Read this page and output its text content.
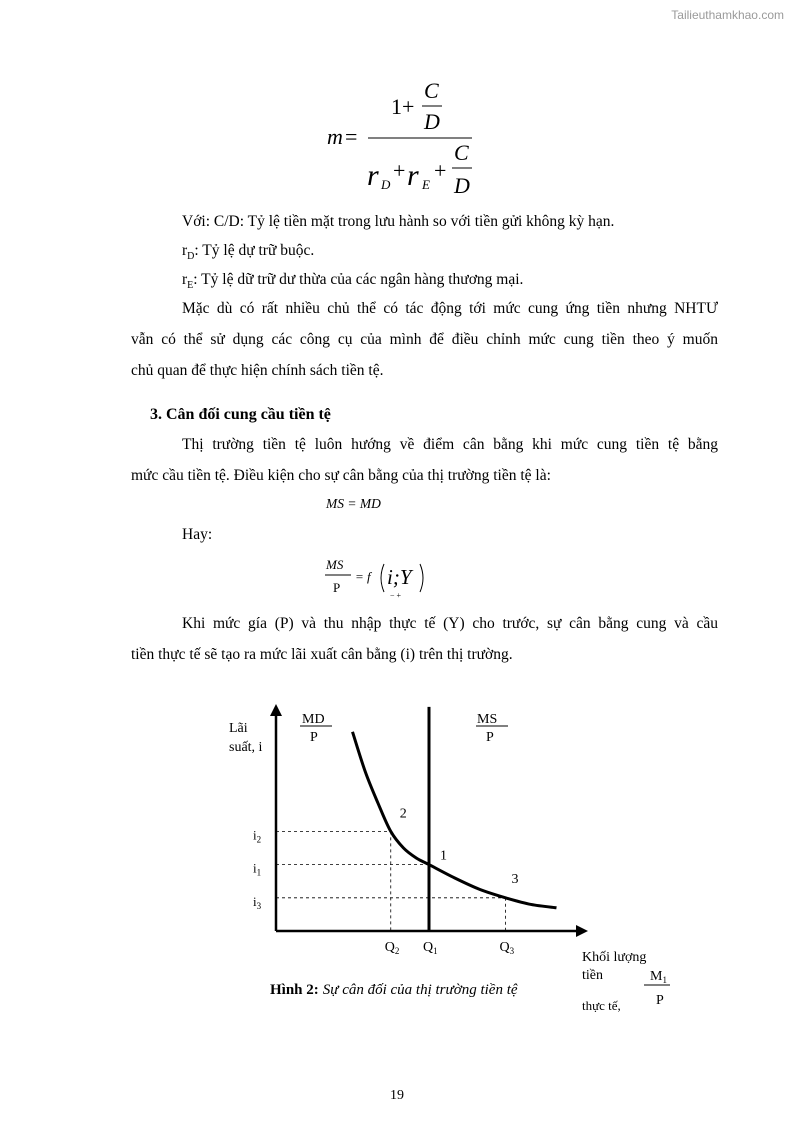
Tailieuthamkhao.com
m =
1+
C
D
r D
+ r E
+
C
D
Với: C/D: Tỷ lệ tiền mặt trong lưu hành so với tiền gửi không kỳ hạn.
$r_D$: Tỷ lệ dự trữ buộc.
$r_E$: Tỷ lệ dữ trữ dư thừa của các ngân hàng thương mại.
Mặc dù có rất nhiều chủ thể có tác động tới mức cung ứng tiền nhưng NHTƯ
vẫn có thể sử dụng các công cụ của mình để điều chỉnh mức cung tiền theo ý muốn
chủ quan để thực hiện chính sách tiền tệ.
3. Cân đối cung cầu tiền tệ
Thị trường tiền tệ luôn hướng về điểm cân bằng khi mức cung tiền tệ bằng
mức cầu tiền tệ. Điều kiện cho sự cân bằng của thị trường tiền tệ là:
MS = MD
Hay:
MS
P
= f i;Y
− +
Khi mức gía (P) và thu nhập thực tế (Y) cho trước, sự cân bằng cung và cầu
tiền thực tế sẽ tạo ra mức lãi xuất cân bằng (i) trên thị trường.
Lãi
suất, i
MD
P
MS
P
$i_2$
$i_1$
$i_3$
$Q_2$ $Q_1$	$Q_3$
2
1
3
Khối lượng
tiền
thực tế,
$M_1$
P
Hình 2: Sự cân đối của thị trường tiền tệ
19
